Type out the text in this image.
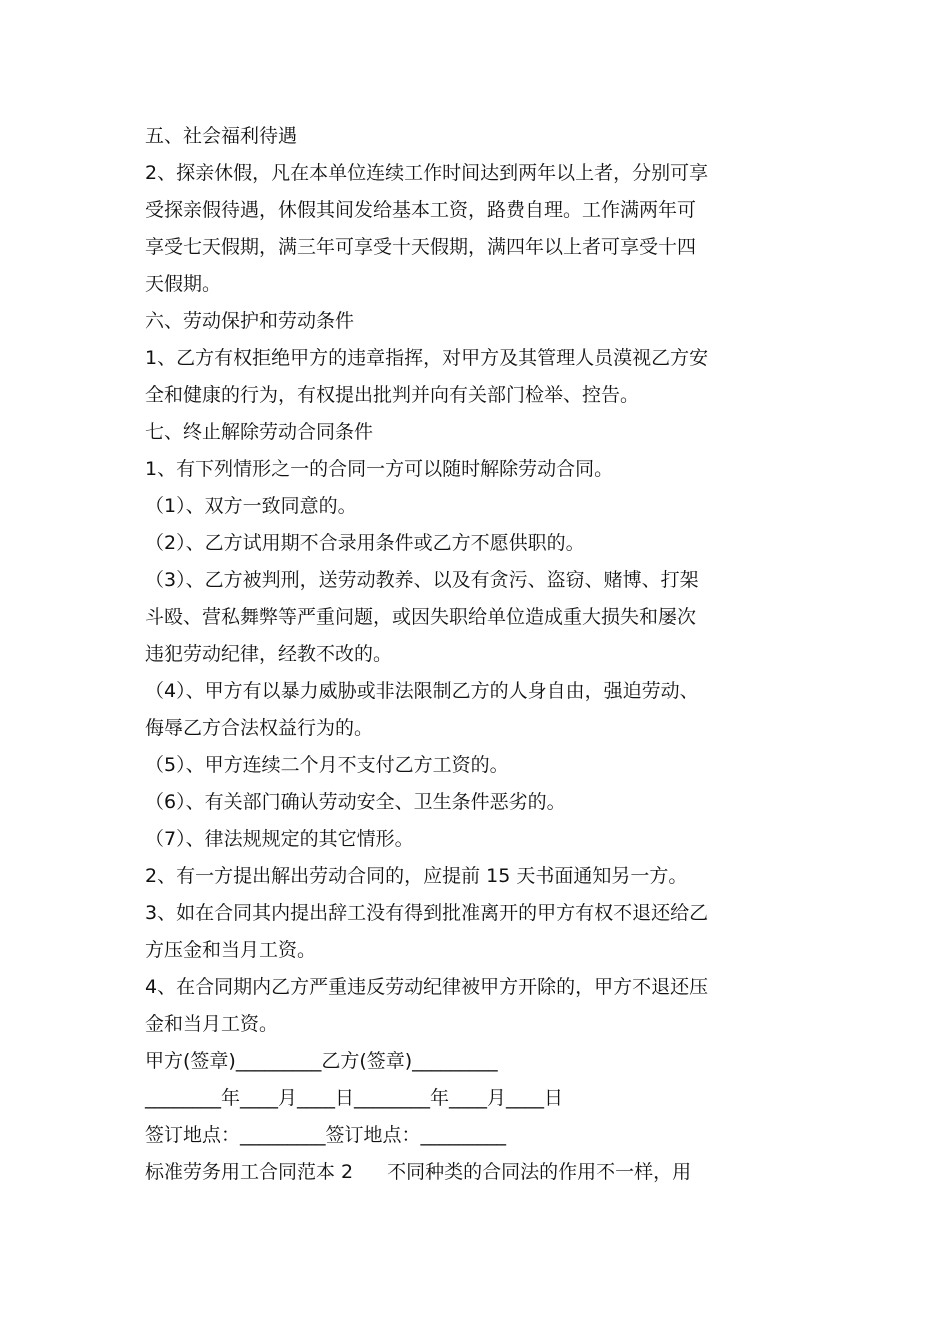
五、社会福利待遇

2、探亲休假，凡在本单位连续工作时间达到两年以上者，分别可享

受探亲假待遇，休假其间发给基本工资，路费自理。工作满两年可

享受七天假期，满三年可享受十天假期，满四年以上者可享受十四

天假期。

六、劳动保护和劳动条件

1、乙方有权拒绝甲方的违章指挥，对甲方及其管理人员漠视乙方安

全和健康的行为，有权提出批判并向有关部门检举、控告。

七、终止解除劳动合同条件

1、有下列情形之一的合同一方可以随时解除劳动合同。

（1）、双方一致同意的。

（2）、乙方试用期不合录用条件或乙方不愿供职的。

（3）、乙方被判刑，送劳动教养、以及有贪污、盗窃、赌博、打架

斗殴、营私舞弊等严重问题，或因失职给单位造成重大损失和屡次

违犯劳动纪律，经教不改的。

（4）、甲方有以暴力威胁或非法限制乙方的人身自由，强迫劳动、

侮辱乙方合法权益行为的。

（5）、甲方连续二个月不支付乙方工资的。

（6）、有关部门确认劳动安全、卫生条件恶劣的。

（7）、律法规规定的其它情形。

2、有一方提出解出劳动合同的，应提前 15 天书面通知另一方。

3、如在合同其内提出辞工没有得到批准离开的甲方有权不退还给乙

方压金和当月工资。

4、在合同期内乙方严重违反劳动纪律被甲方开除的，甲方不退还压

金和当月工资。

甲方(签章)_________乙方(签章)_________

________年____月____日________年____月____日

签订地点：_________签订地点：_________

标准劳务用工合同范本 2 不同种类的合同法的作用不一样，用
